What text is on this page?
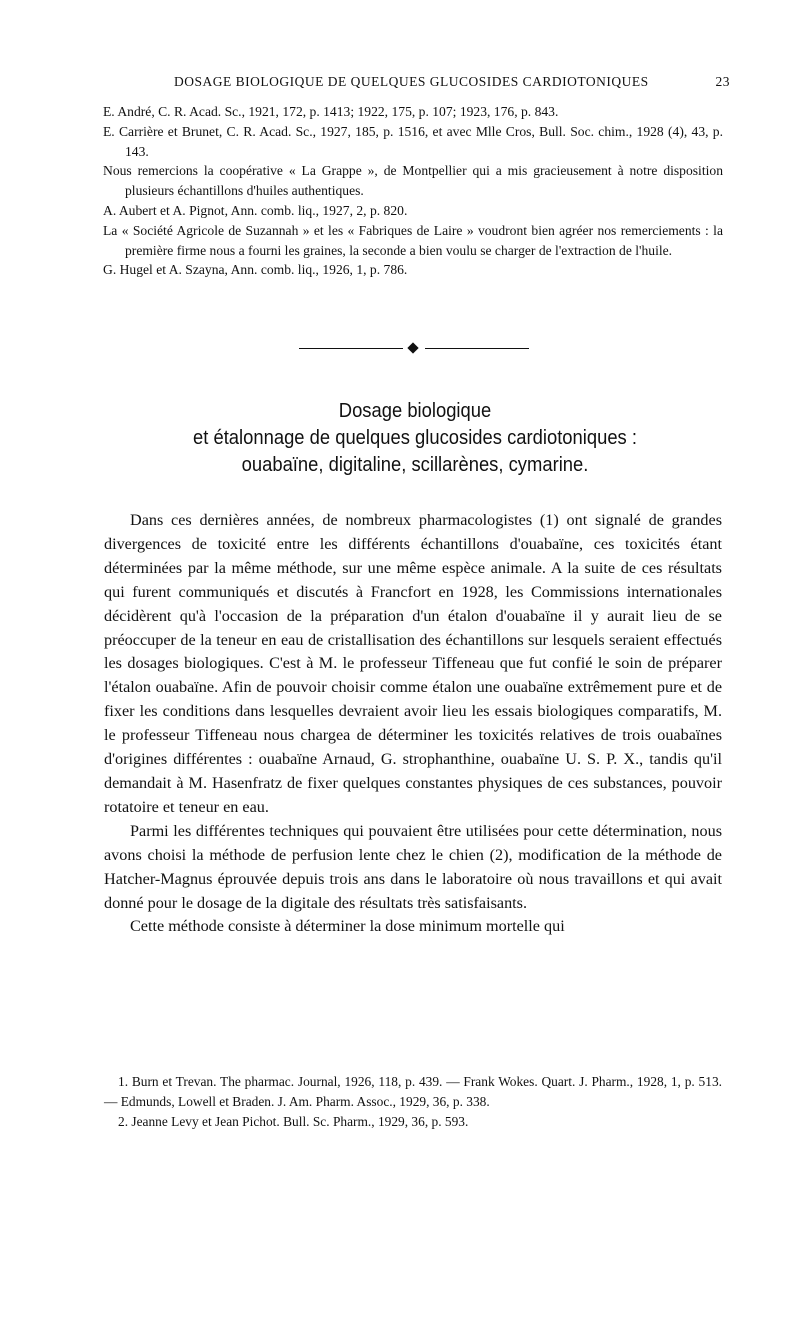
DOSAGE BIOLOGIQUE DE QUELQUES GLUCOSIDES CARDIOTONIQUES	23

E. André, C. R. Acad. Sc., 1921, 172, p. 1413; 1922, 175, p. 107; 1923, 176, p. 843.

E. Carrière et Brunet, C. R. Acad. Sc., 1927, 185, p. 1516, et avec Mlle Cros, Bull. Soc. chim., 1928 (4), 43, p. 143.

Nous remercions la coopérative « La Grappe », de Montpellier qui a mis gracieusement à notre disposition plusieurs échantillons d'huiles authentiques.

A. Aubert et A. Pignot, Ann. comb. liq., 1927, 2, p. 820.

La « Société Agricole de Suzannah » et les « Fabriques de Laire » voudront bien agréer nos remerciements : la première firme nous a fourni les graines, la seconde a bien voulu se charger de l'extraction de l'huile.

G. Hugel et A. Szayna, Ann. comb. liq., 1926, 1, p. 786.

Dosage biologique
et étalonnage de quelques glucosides cardiotoniques :
ouabaïne, digitaline, scillarènes, cymarine.

Dans ces dernières années, de nombreux pharmacologistes (1) ont signalé de grandes divergences de toxicité entre les différents échantillons d'ouabaïne, ces toxicités étant déterminées par la même méthode, sur une même espèce animale. A la suite de ces résultats qui furent communiqués et discutés à Francfort en 1928, les Commissions internationales décidèrent qu'à l'occasion de la préparation d'un étalon d'ouabaïne il y aurait lieu de se préoccuper de la teneur en eau de cristallisation des échantillons sur lesquels seraient effectués les dosages biologiques. C'est à M. le professeur Tiffeneau que fut confié le soin de préparer l'étalon ouabaïne. Afin de pouvoir choisir comme étalon une ouabaïne extrêmement pure et de fixer les conditions dans lesquelles devraient avoir lieu les essais biologiques comparatifs, M. le professeur Tiffeneau nous chargea de déterminer les toxicités relatives de trois ouabaïnes d'origines différentes : ouabaïne Arnaud, G. strophanthine, ouabaïne U. S. P. X., tandis qu'il demandait à M. Hasenfratz de fixer quelques constantes physiques de ces substances, pouvoir rotatoire et teneur en eau.

Parmi les différentes techniques qui pouvaient être utilisées pour cette détermination, nous avons choisi la méthode de perfusion lente chez le chien (2), modification de la méthode de Hatcher-Magnus éprouvée depuis trois ans dans le laboratoire où nous travaillons et qui avait donné pour le dosage de la digitale des résultats très satisfaisants.

Cette méthode consiste à déterminer la dose minimum mortelle qui

1. Burn et Trevan. The pharmac. Journal, 1926, 118, p. 439. — Frank Wokes. Quart. J. Pharm., 1928, 1, p. 513. — Edmunds, Lowell et Braden. J. Am. Pharm. Assoc., 1929, 36, p. 338.

2. Jeanne Levy et Jean Pichot. Bull. Sc. Pharm., 1929, 36, p. 593.
